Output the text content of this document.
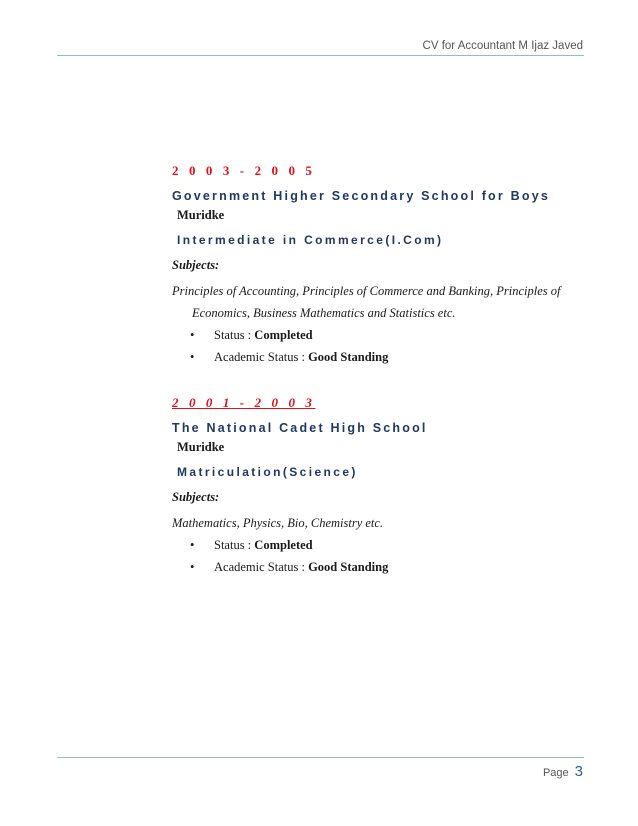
CV for Accountant M Ijaz Javed
2 0 0 3 - 2 0 0 5
Government Higher Secondary School for Boys
Muridke
Intermediate in Commerce(I.Com)
Subjects:
Principles of Accounting, Principles of Commerce and Banking, Principles of Economics, Business Mathematics and Statistics etc.
• Status : Completed
• Academic Status : Good Standing
2 0 0 1 - 2 0 0 3
The National Cadet High School
Muridke
Matriculation(Science)
Subjects:
Mathematics, Physics, Bio, Chemistry etc.
• Status : Completed
• Academic Status : Good Standing
Page 3
